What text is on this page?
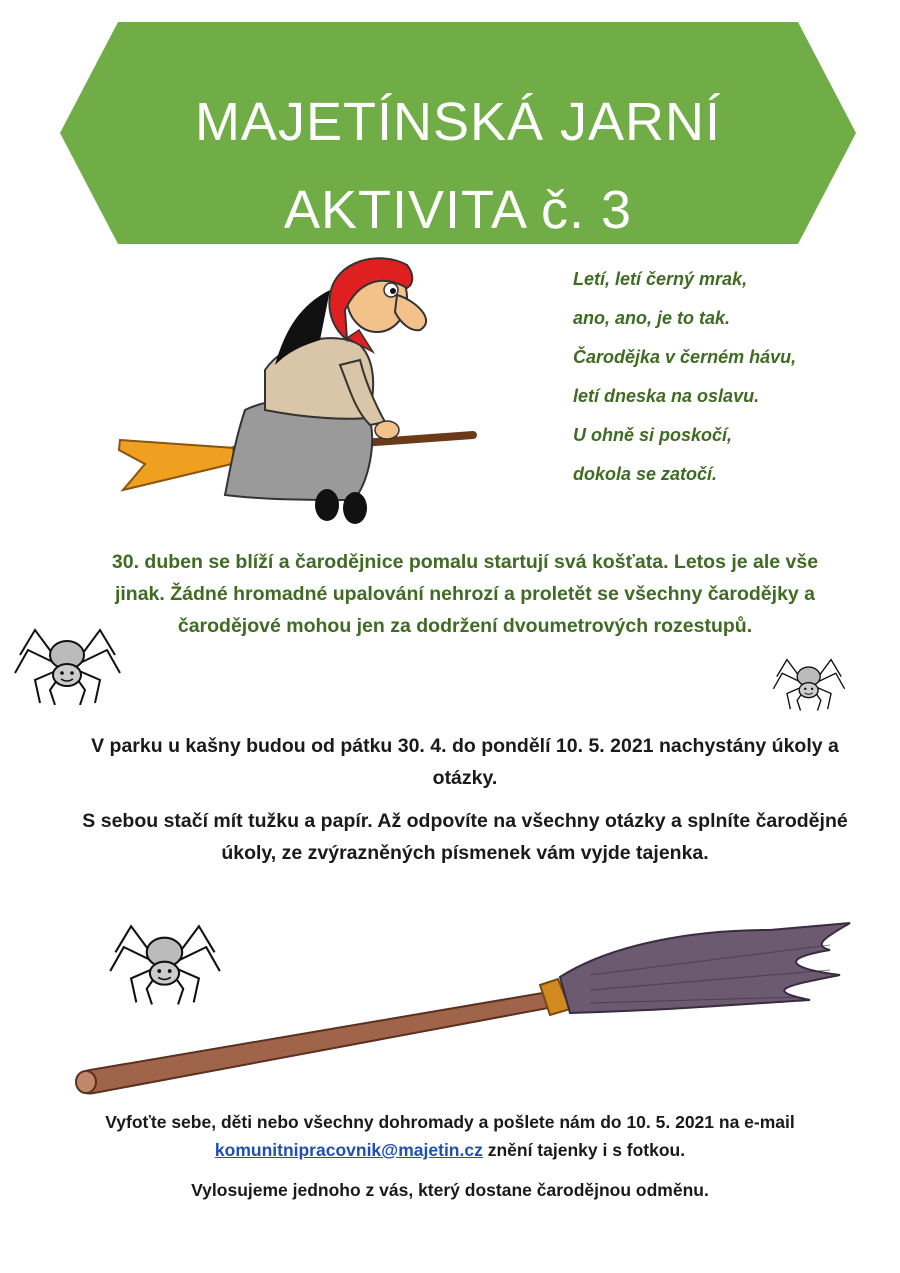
MAJETÍNSKÁ JARNÍ
AKTIVITA č. 3
Letí, letí černý mrak,
ano, ano, je to tak.
Čarodějka v černém hávu,
letí dneska na oslavu.
U ohně si poskočí,
dokola se zatočí.
30. duben se blíží a čarodějnice pomalu startují svá košťata. Letos je ale vše jinak. Žádné hromadné upalování nehrozí a proletět se všechny čarodějky a čarodějové mohou jen za dodržení dvoumetrových rozestupů.
V parku u kašny budou od pátku 30. 4. do pondělí 10. 5. 2021 nachystány úkoly a otázky.
S sebou stačí mít tužku a papír. Až odpovíte na všechny otázky a splníte čarodějné úkoly, ze zvýrazněných písmenek vám vyjde tajenka.
Vyfoťte sebe, děti nebo všechny dohromady a pošlete nám do 10. 5. 2021 na e-mail
komunitnipracovnik@majetin.cz znění tajenky i s fotkou.
Vylosujeme jednoho z vás, který dostane čarodějnou odměnu.
